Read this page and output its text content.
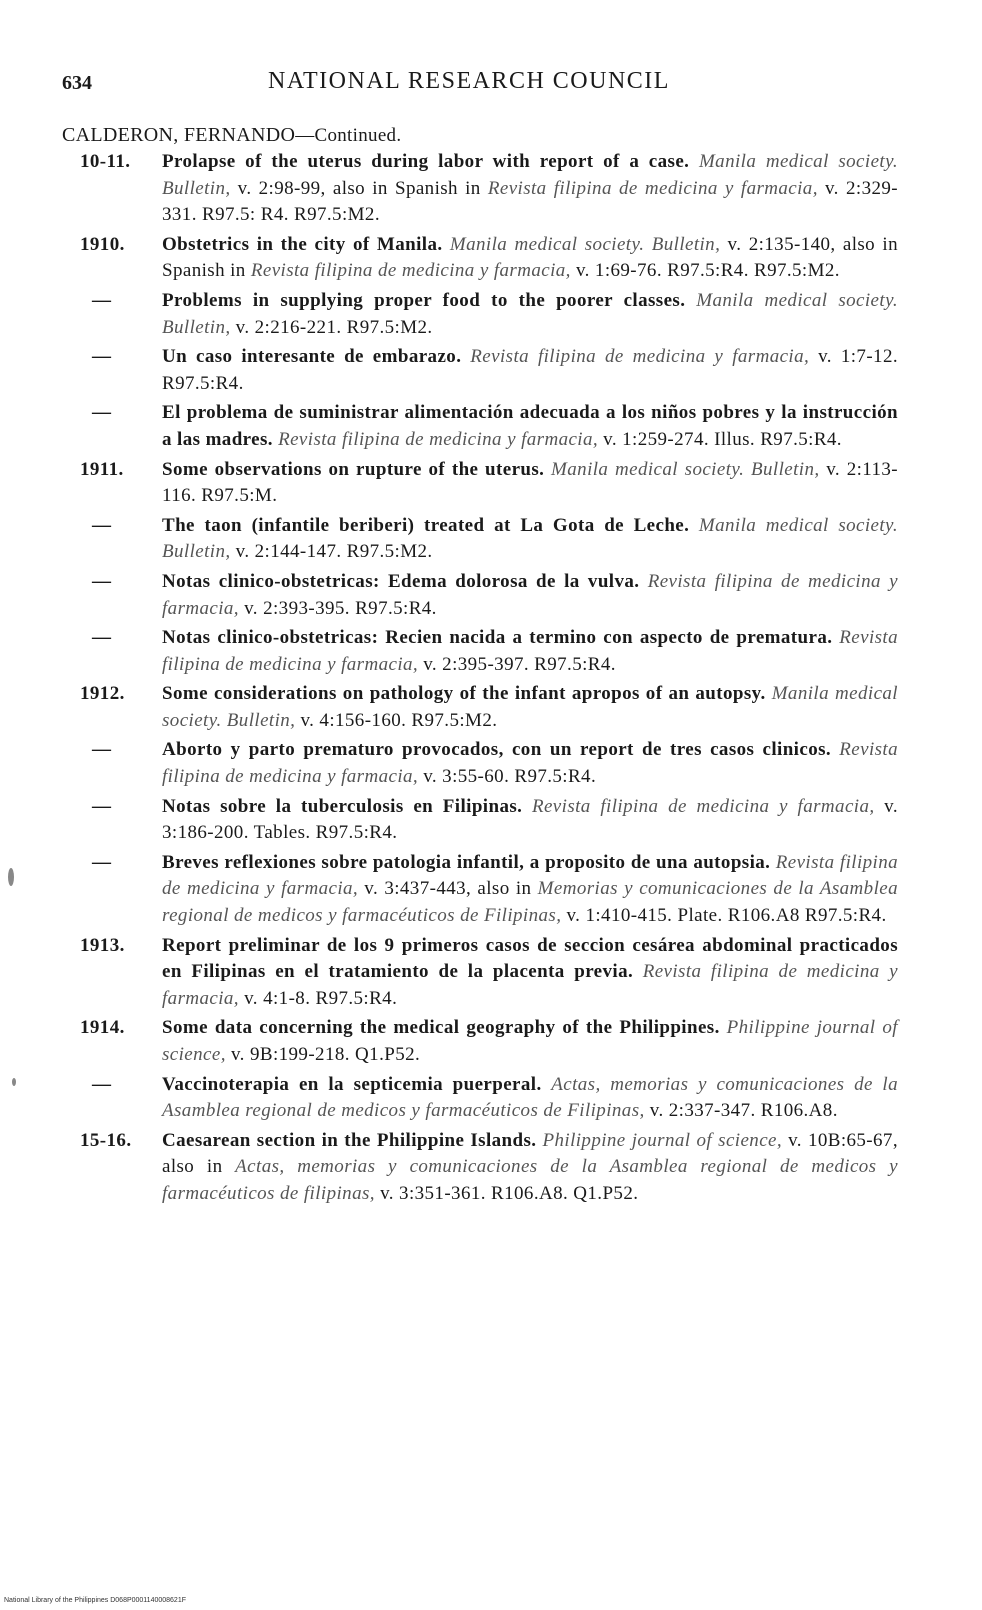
634	NATIONAL RESEARCH COUNCIL
CALDERON, FERNANDO—Continued.
10-11. Prolapse of the uterus during labor with report of a case. Manila medical society. Bulletin, v. 2:98-99, also in Spanish in Revista filipina de medicina y farmacia, v. 2:329-331. R97.5: R4. R97.5:M2.
1910. Obstetrics in the city of Manila. Manila medical society. Bulletin, v. 2:135-140, also in Spanish in Revista filipina de medicina y farmacia, v. 1:69-76. R97.5:R4. R97.5:M2.
—	Problems in supplying proper food to the poorer classes. Manila medical society. Bulletin, v. 2:216-221. R97.5:M2.
—	Un caso interesante de embarazo. Revista filipina de medicina y farmacia, v. 1:7-12. R97.5:R4.
—	El problema de suministrar alimentación adecuada a los niños pobres y la instrucción a las madres. Revista filipina de medicina y farmacia, v. 1:259-274. Illus. R97.5:R4.
1911. Some observations on rupture of the uterus. Manila medical society. Bulletin, v. 2:113-116. R97.5:M.
—	The taon (infantile beriberi) treated at La Gota de Leche. Manila medical society. Bulletin, v. 2:144-147. R97.5:M2.
—	Notas clinico-obstetricas: Edema dolorosa de la vulva. Revista filipina de medicina y farmacia, v. 2:393-395. R97.5:R4.
—	Notas clinico-obstetricas: Recien nacida a termino con aspecto de prematura. Revista filipina de medicina y farmacia, v. 2:395-397. R97.5:R4.
1912. Some considerations on pathology of the infant apropos of an autopsy. Manila medical society. Bulletin, v. 4:156-160. R97.5:M2.
—	Aborto y parto prematuro provocados, con un report de tres casos clinicos. Revista filipina de medicina y farmacia, v. 3:55-60. R97.5:R4.
—	Notas sobre la tuberculosis en Filipinas. Revista filipina de medicina y farmacia, v. 3:186-200. Tables. R97.5:R4.
—	Breves reflexiones sobre patologia infantil, a proposito de una autopsia. Revista filipina de medicina y farmacia, v. 3:437-443, also in Memorias y comunicaciones de la Asamblea regional de medicos y farmacéuticos de Filipinas, v. 1:410-415. Plate. R106.A8 R97.5:R4.
1913. Report preliminar de los 9 primeros casos de seccion cesárea abdominal practicados en Filipinas en el tratamiento de la placenta previa. Revista filipina de medicina y farmacia, v. 4:1-8. R97.5:R4.
1914. Some data concerning the medical geography of the Philippines. Philippine journal of science, v. 9B:199-218. Q1.P52.
—	Vaccinoterapia en la septicemia puerperal. Actas, memorias y comunicaciones de la Asamblea regional de medicos y farmacéuticos de Filipinas, v. 2:337-347. R106.A8.
15-16. Caesarean section in the Philippine Islands. Philippine journal of science, v. 10B:65-67, also in Actas, memorias y comunicaciones de la Asamblea regional de medicos y farmacéuticos de filipinas, v. 3:351-361. R106.A8. Q1.P52.
National Library of the Philippines D068P0001140008621F
